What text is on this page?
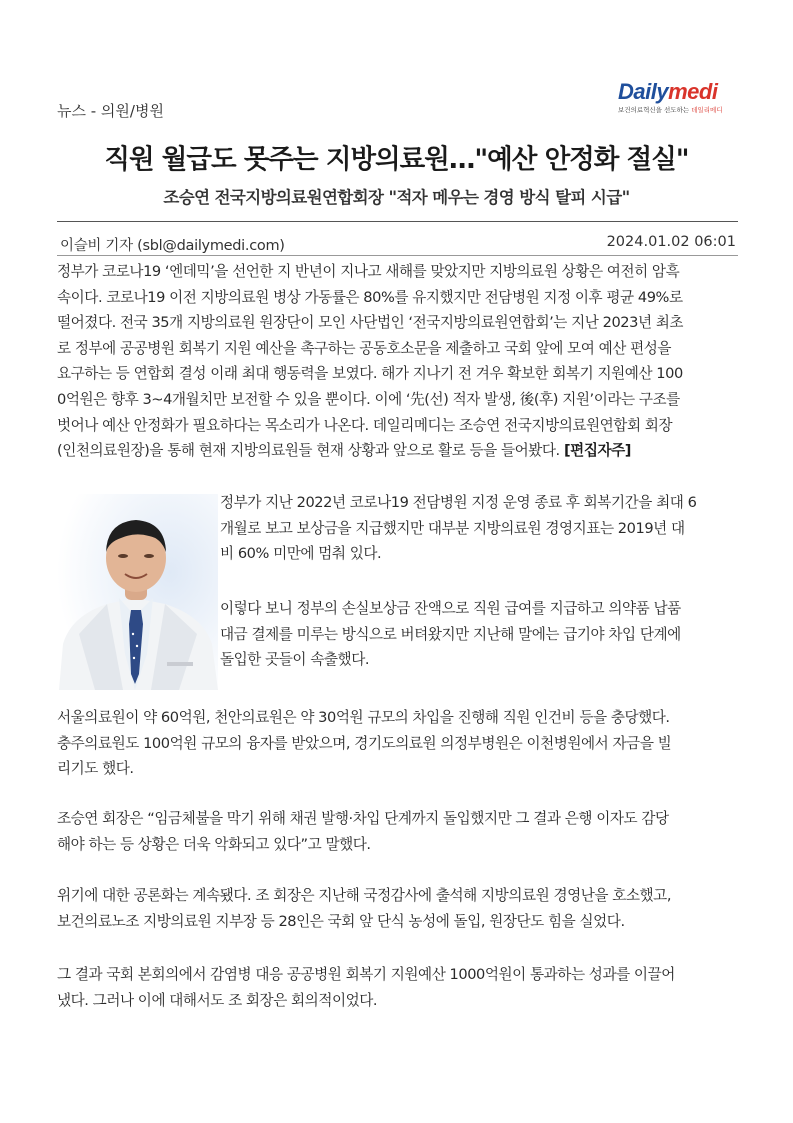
뉴스 - 의원/병원
Dailymedi
보건의료혁신을 선도하는 데일리메디
직원 월급도 못주는 지방의료원…"예산 안정화 절실"
조승연 전국지방의료원연합회장 "적자 메우는 경영 방식 탈피 시급"
이슬비 기자 (sbl@dailymedi.com)	2024.01.02 06:01

정부가 코로나19 ‘엔데믹’을 선언한 지 반년이 지나고 새해를 맞았지만 지방의료원 상황은 여전히 암흑
속이다. 코로나19 이전 지방의료원 병상 가동률은 80%를 유지했지만 전담병원 지정 이후 평균 49%로
떨어졌다. 전국 35개 지방의료원 원장단이 모인 사단법인 ‘전국지방의료원연합회’는 지난 2023년 최초
로 정부에 공공병원 회복기 지원 예산을 촉구하는 공동호소문을 제출하고 국회 앞에 모여 예산 편성을
요구하는 등 연합회 결성 이래 최대 행동력을 보였다. 해가 지나기 전 겨우 확보한 회복기 지원예산 100
0억원은 향후 3~4개월치만 보전할 수 있을 뿐이다. 이에 ‘先(선) 적자 발생, 後(후) 지원’이라는 구조를
벗어나 예산 안정화가 필요하다는 목소리가 나온다. 데일리메디는 조승연 전국지방의료원연합회 회장
(인천의료원장)을 통해 현재 지방의료원들 현재 상황과 앞으로 활로 등을 들어봤다. [편집자주]

정부가 지난 2022년 코로나19 전담병원 지정 운영 종료 후 회복기간을 최대 6
개월로 보고 보상금을 지급했지만 대부분 지방의료원 경영지표는 2019년 대
비 60% 미만에 멈춰 있다.

이렇다 보니 정부의 손실보상금 잔액으로 직원 급여를 지급하고 의약품 납품
대금 결제를 미루는 방식으로 버텨왔지만 지난해 말에는 급기야 차입 단계에
돌입한 곳들이 속출했다.

서울의료원이 약 60억원, 천안의료원은 약 30억원 규모의 차입을 진행해 직원 인건비 등을 충당했다.
충주의료원도 100억원 규모의 융자를 받았으며, 경기도의료원 의정부병원은 이천병원에서 자금을 빌
리기도 했다.

조승연 회장은 “임금체불을 막기 위해 채권 발행·차입 단계까지 돌입했지만 그 결과 은행 이자도 감당
해야 하는 등 상황은 더욱 악화되고 있다”고 말했다.

위기에 대한 공론화는 계속됐다. 조 회장은 지난해 국정감사에 출석해 지방의료원 경영난을 호소했고,
보건의료노조 지방의료원 지부장 등 28인은 국회 앞 단식 농성에 돌입, 원장단도 힘을 실었다.

그 결과 국회 본회의에서 감염병 대응 공공병원 회복기 지원예산 1000억원이 통과하는 성과를 이끌어
냈다. 그러나 이에 대해서도 조 회장은 회의적이었다.
